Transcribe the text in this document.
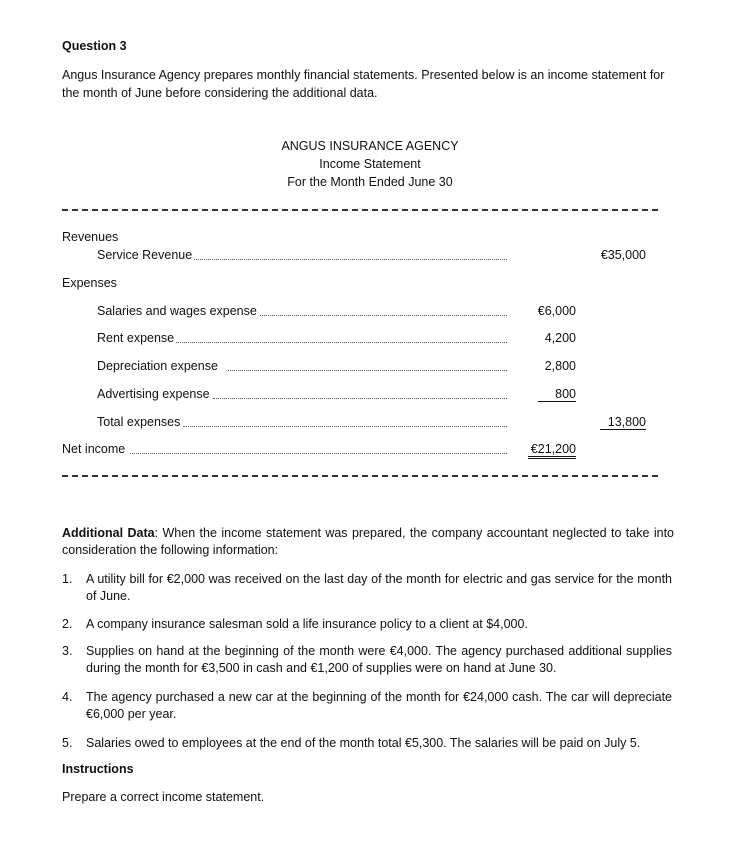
Question 3
Angus Insurance Agency prepares monthly financial statements. Presented below is an income statement for the month of June before considering the additional data.
ANGUS INSURANCE AGENCY
Income Statement
For the Month Ended June 30
Revenues
Service Revenue	€35,000
Expenses
Salaries and wages expense	€6,000
Rent expense	4,200
Depreciation expense	2,800
Advertising expense	800
Total expenses	13,800
Net income	€21,200
Additional Data: When the income statement was prepared, the company accountant neglected to take into consideration the following information:
1. A utility bill for €2,000 was received on the last day of the month for electric and gas service for the month of June.
2. A company insurance salesman sold a life insurance policy to a client at $4,000.
3. Supplies on hand at the beginning of the month were €4,000. The agency purchased additional supplies during the month for €3,500 in cash and €1,200 of supplies were on hand at June 30.
4. The agency purchased a new car at the beginning of the month for €24,000 cash. The car will depreciate €6,000 per year.
5. Salaries owed to employees at the end of the month total €5,300. The salaries will be paid on July 5.
Instructions
Prepare a correct income statement.
